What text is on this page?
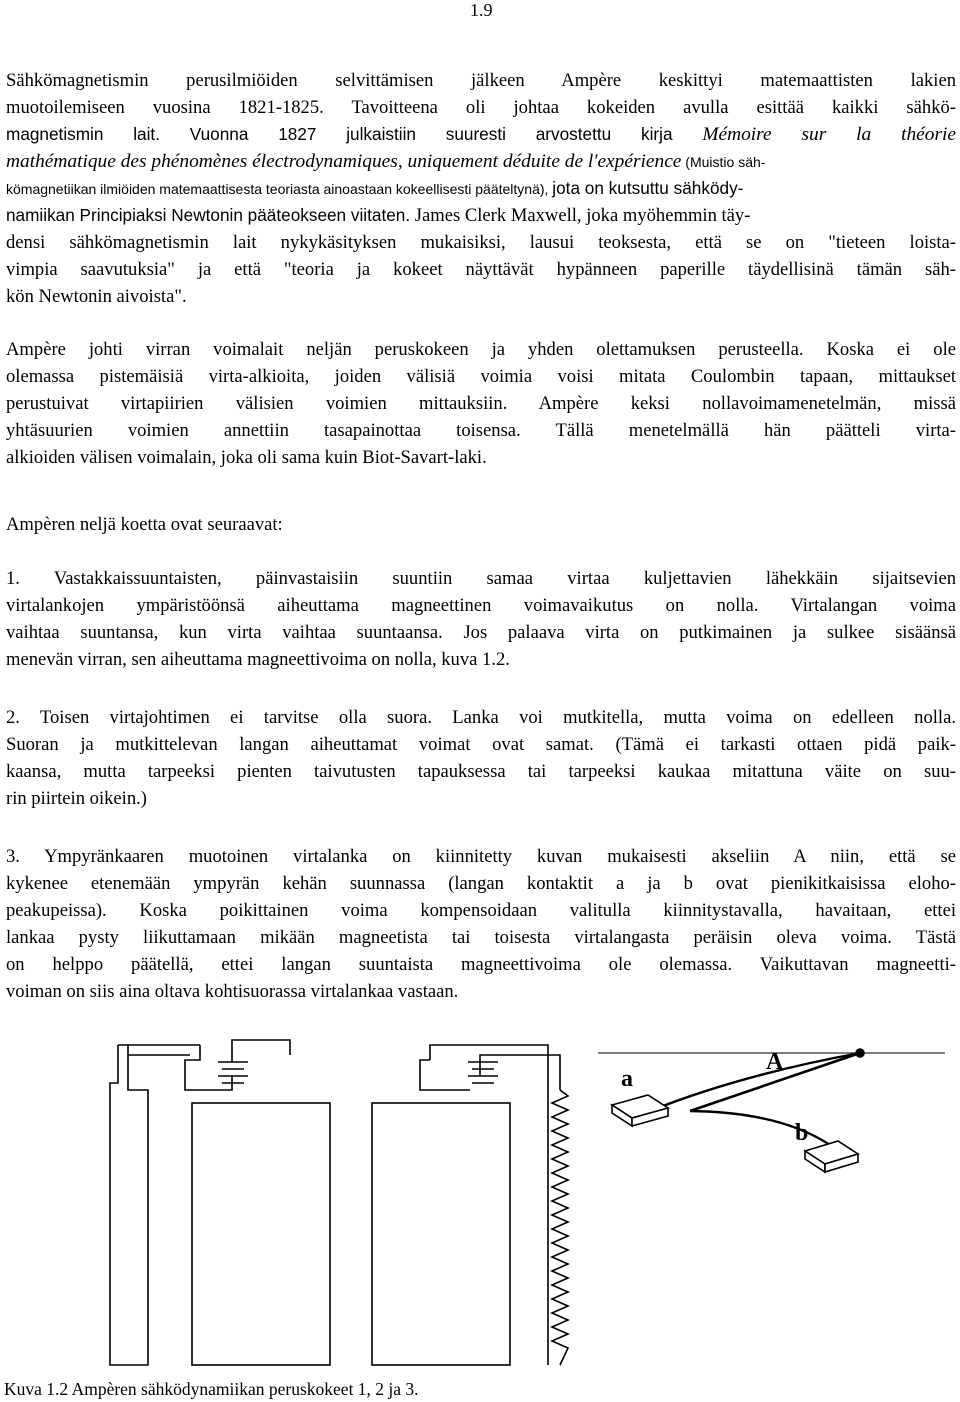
1.9
Sähkömagnetismin perusilmiöiden selvittämisen jälkeen Ampère keskittyi matemaattisten lakien
muotoilemiseen vuosina 1821-1825. Tavoitteena oli johtaa kokeiden avulla esittää kaikki sähkö-
magnetismin lait. Vuonna 1827 julkaistiin suuresti arvostettu kirja Mémoire sur la théorie
mathématique des phénomènes électrodynamiques, uniquement déduite de l'expérience (Muistio säh-
kömagnetiikan ilmiöiden matemaattisesta teoriasta ainoastaan kokeellisesti pääteltynä), jota on kutsuttu sähködy-
namiikan Principiaksi Newtonin pääteokseen viitaten. James Clerk Maxwell, joka myöhemmin täy-
densi sähkömagnetismin lait nykykäsityksen mukaisiksi, lausui teoksesta, että se on "tieteen loista-
vimpia saavutuksia" ja että "teoria ja kokeet näyttävät hypänneen paperille täydellisinä tämän säh-
kön Newtonin aivoista".
Ampère johti virran voimalait neljän peruskokeen ja yhden olettamuksen perusteella. Koska ei ole
olemassa pistemäisiä virta-alkioita, joiden välisiä voimia voisi mitata Coulombin tapaan, mittaukset
perustuivat virtapiirien välisien voimien mittauksiin. Ampère keksi nollavoimamenetelmän, missä
yhtäsuurien voimien annettiin tasapainottaa toisensa. Tällä menetelmällä hän päätteli virta-
alkioiden välisen voimalain, joka oli sama kuin Biot-Savart-laki.
Ampèren neljä koetta ovat seuraavat:
1. Vastakkaissuuntaisten, päinvastaisiin suuntiin samaa virtaa kuljettavien lähekkäin sijaitsevien
virtalankojen ympäristöönsä aiheuttama magneettinen voimavaikutus on nolla. Virtalangan voima
vaihtaa suuntansa, kun virta vaihtaa suuntaansa. Jos palaava virta on putkimainen ja sulkee sisäänsä
menevän virran, sen aiheuttama magneettivoima on nolla, kuva 1.2.
2. Toisen virtajohtimen ei tarvitse olla suora. Lanka voi mutkitella, mutta voima on edelleen nolla.
Suoran ja mutkittelevan langan aiheuttamat voimat ovat samat. (Tämä ei tarkasti ottaen pidä paik-
kaansa, mutta tarpeeksi pienten taivutusten tapauksessa tai tarpeeksi kaukaa mitattuna väite on suu-
rin piirtein oikein.)
3. Ympyränkaaren muotoinen virtalanka on kiinnitetty kuvan mukaisesti akseliin A niin, että se
kykenee etenemään ympyrän kehän suunnassa (langan kontaktit a ja b ovat pienikitkaisissa eloho-
peakupeissa). Koska poikittainen voima kompensoidaan valitulla kiinnitystavalla, havaitaan, ettei
lankaa pysty liikuttamaan mikään magneetista tai toisesta virtalangasta peräisin oleva voima. Tästä
on helppo päätellä, ettei langan suuntaista magneettivoima ole olemassa. Vaikuttavan magneetti-
voiman on siis aina oltava kohtisuorassa virtalankaa vastaan.
a
A
b
Kuva 1.2 Ampèren sähködynamiikan peruskokeet 1, 2 ja 3.
